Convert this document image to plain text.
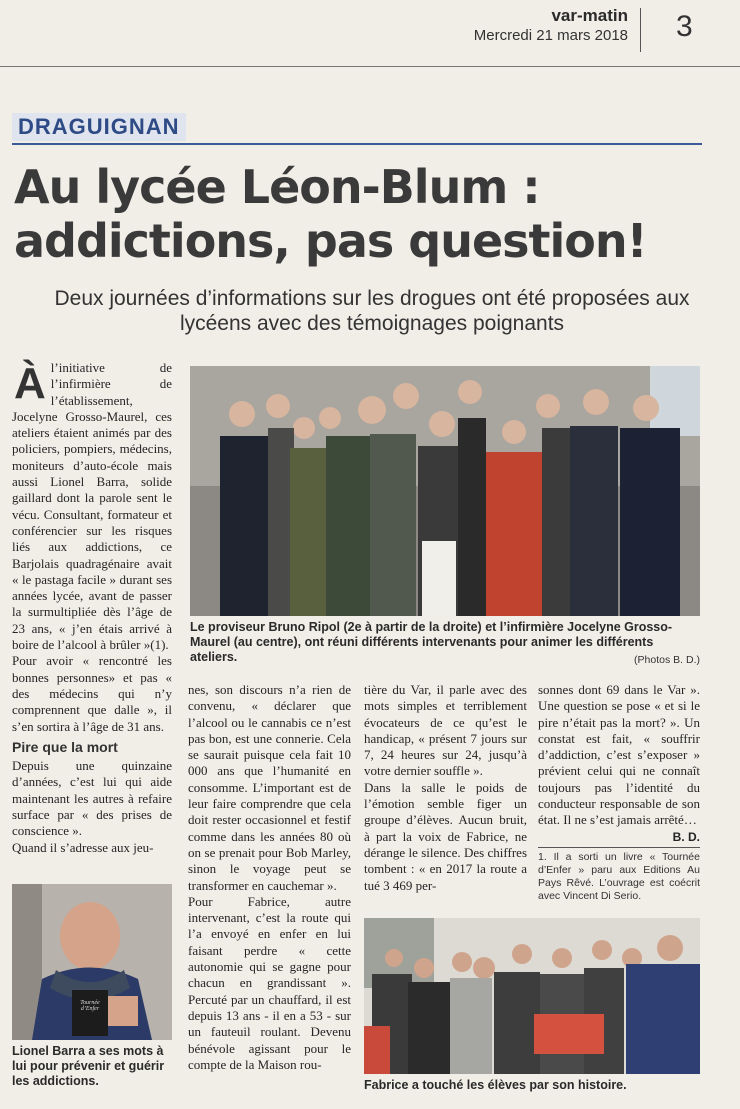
var-matin
Mercredi 21 mars 2018 3
DRAGUIGNAN
Au lycée Léon-Blum :
addictions, pas question!
Deux journées d’informations sur les drogues ont été proposées aux lycéens avec des témoignages poignants
À l’initiative de l’infirmière de l’établissement, Jocelyne Grosso-Maurel, ces ateliers étaient animés par des policiers, pompiers, médecins, moniteurs d’auto-école mais aussi Lionel Barra, solide gaillard dont la parole sent le vécu. Consultant, formateur et conférencier sur les risques liés aux addictions, ce Barjolais quadragénaire avait « le pastaga facile » durant ses années lycée, avant de passer la surmultipliée dès l’âge de 23 ans, « j’en étais arrivé à boire de l’alcool à brûler »(1).

Pour avoir « rencontré les bonnes personnes» et pas « des médecins qui n’y comprennent que dalle », il s’en sortira à l’âge de 31 ans.

Pire que la mort

Depuis une quinzaine d’années, c’est lui qui aide maintenant les autres à refaire surface par « des prises de conscience ».

Quand il s’adresse aux jeu-

Le proviseur Bruno Ripol (2e à partir de la droite) et l’infirmière Jocelyne Grosso-Maurel (au centre), ont réuni différents intervenants pour animer les différents ateliers.	(Photos B. D.)

nes, son discours n’a rien de convenu, « déclarer que l’alcool ou le cannabis ce n’est pas bon, est une connerie. Cela se saurait puisque cela fait 10 000 ans que l’humanité en consomme. L’important est de leur faire comprendre que cela doit rester occasionnel et festif comme dans les années 80 où on se prenait pour Bob Marley, sinon le voyage peut se transformer en cauchemar ».

Pour Fabrice, autre intervenant, c’est la route qui l’a envoyé en enfer en lui faisant perdre « cette autonomie qui se gagne pour chacun en grandissant ». Percuté par un chauffard, il est depuis 13 ans - il en a 53 - sur un fauteuil roulant. Devenu bénévole agissant pour le compte de la Maison rou-

tière du Var, il parle avec des mots simples et terriblement évocateurs de ce qu’est le handicap, « présent 7 jours sur 7, 24 heures sur 24, jusqu’à votre dernier souffle ».

Dans la salle le poids de l’émotion semble figer un groupe d’élèves. Aucun bruit, à part la voix de Fabrice, ne dérange le silence. Des chiffres tombent : « en 2017 la route a tué 3 469 per-

sonnes dont 69 dans le Var ». Une question se pose « et si le pire n’était pas la mort? ». Un constat est fait, « souffrir d’addiction, c’est s’exposer » prévient celui qui ne connaît toujours pas l’identité du conducteur responsable de son état. Il ne s’est jamais arrêté…

B. D.
1. Il a sorti un livre « Tournée d’Enfer » paru aux Editions Au Pays Rêvé. L’ouvrage est coécrit avec Vincent Di Serio.
Tournée d’Enfer
Lionel Barra a ses mots à lui pour prévenir et guérir les addictions.	Fabrice a touché les élèves par son histoire.
